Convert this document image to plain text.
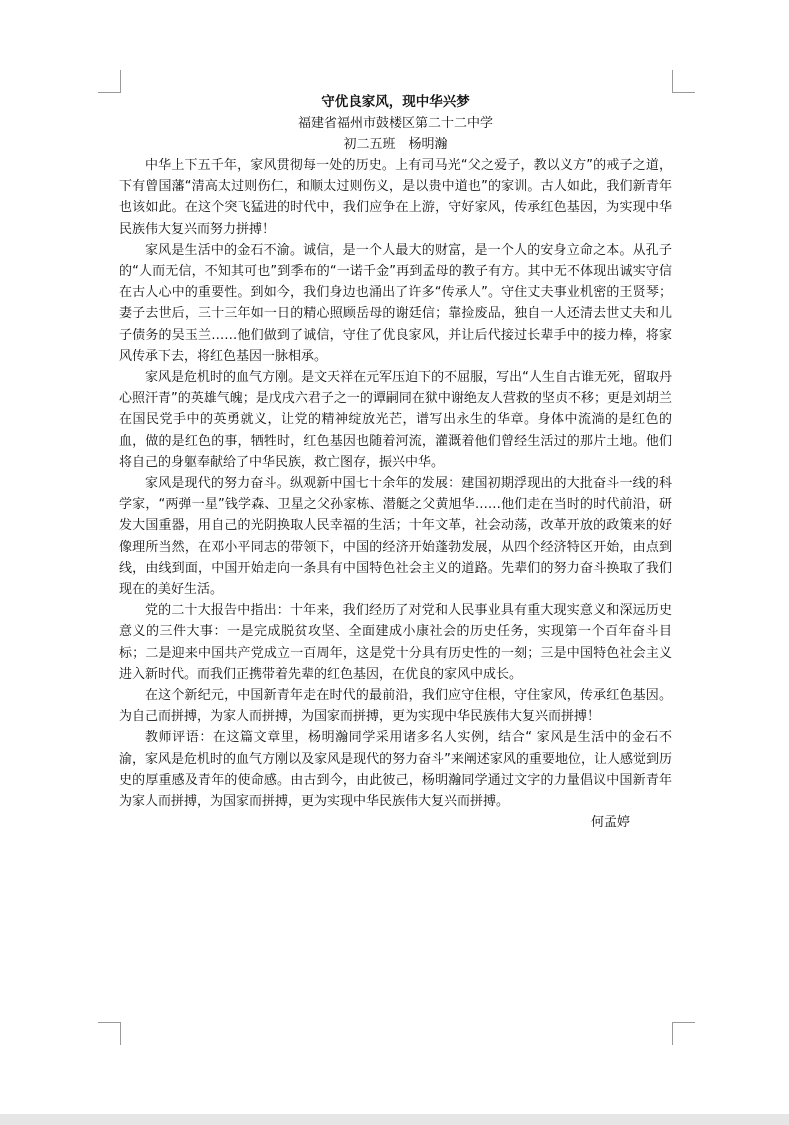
守优良家风，现中华兴梦

福建省福州市鼓楼区第二十二中学

初二五班　杨明瀚

中华上下五千年，家风贯彻每一处的历史。上有司马光“父之爱子，教以义方”的戒子之道，下有曾国藩“清高太过则伤仁，和顺太过则伤义，是以贵中道也”的家训。古人如此，我们新青年也该如此。在这个突飞猛进的时代中，我们应争在上游，守好家风，传承红色基因，为实现中华民族伟大复兴而努力拼搏！

家风是生活中的金石不渝。诚信，是一个人最大的财富，是一个人的安身立命之本。从孔子的“人而无信，不知其可也”到季布的“一诺千金”再到孟母的教子有方。其中无不体现出诚实守信在古人心中的重要性。到如今，我们身边也涌出了许多“传承人”。守住丈夫事业机密的王贤琴；妻子去世后，三十三年如一日的精心照顾岳母的谢廷信；靠捡废品，独自一人还清去世丈夫和儿子债务的吴玉兰……他们做到了诚信，守住了优良家风，并让后代接过长辈手中的接力棒，将家风传承下去，将红色基因一脉相承。

家风是危机时的血气方刚。是文天祥在元军压迫下的不屈服，写出“人生自古谁无死，留取丹心照汗青”的英雄气魄；是戊戌六君子之一的谭嗣同在狱中谢绝友人营救的坚贞不移；更是刘胡兰在国民党手中的英勇就义，让党的精神绽放光芒，谱写出永生的华章。身体中流淌的是红色的血，做的是红色的事，牺牲时，红色基因也随着河流，灌溉着他们曾经生活过的那片土地。他们将自己的身躯奉献给了中华民族，救亡图存，振兴中华。

家风是现代的努力奋斗。纵观新中国七十余年的发展：建国初期浮现出的大批奋斗一线的科学家，“两弹一星”钱学森、卫星之父孙家栋、潜艇之父黄旭华……他们走在当时的时代前沿，研发大国重器，用自己的光阴换取人民幸福的生活；十年文革，社会动荡，改革开放的政策来的好像理所当然，在邓小平同志的带领下，中国的经济开始蓬勃发展，从四个经济特区开始，由点到线，由线到面，中国开始走向一条具有中国特色社会主义的道路。先辈们的努力奋斗换取了我们现在的美好生活。

党的二十大报告中指出：十年来，我们经历了对党和人民事业具有重大现实意义和深远历史意义的三件大事：一是完成脱贫攻坚、全面建成小康社会的历史任务，实现第一个百年奋斗目标；二是迎来中国共产党成立一百周年，这是党十分具有历史性的一刻；三是中国特色社会主义进入新时代。而我们正携带着先辈的红色基因，在优良的家风中成长。

在这个新纪元，中国新青年走在时代的最前沿，我们应守住根，守住家风，传承红色基因。为自己而拼搏，为家人而拼搏，为国家而拼搏，更为实现中华民族伟大复兴而拼搏！

教师评语：在这篇文章里，杨明瀚同学采用诸多名人实例，结合“ 家风是生活中的金石不渝，家风是危机时的血气方刚以及家风是现代的努力奋斗”来阐述家风的重要地位，让人感觉到历史的厚重感及青年的使命感。由古到今，由此彼己，杨明瀚同学通过文字的力量倡议中国新青年为家人而拼搏，为国家而拼搏，更为实现中华民族伟大复兴而拼搏。

何孟婷
